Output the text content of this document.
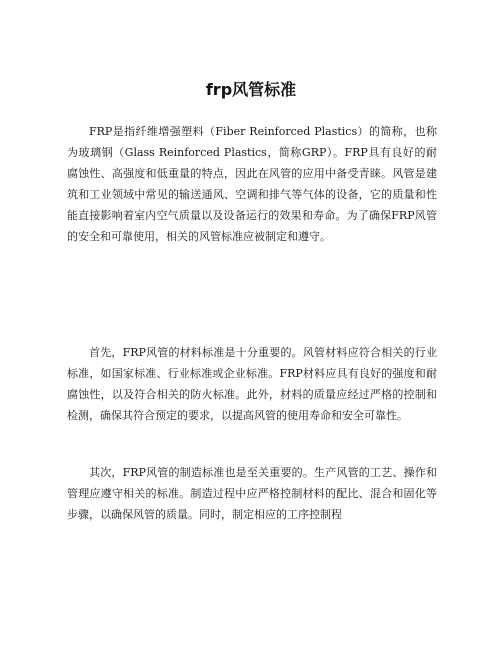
frp风管标准

FRP是指纤维增强塑料（Fiber Reinforced Plastics）的简称，也称为玻璃钢（Glass Reinforced Plastics，简称GRP）。FRP具有良好的耐腐蚀性、高强度和低重量的特点，因此在风管的应用中备受青睐。风管是建筑和工业领域中常见的输送通风、空调和排气等气体的设备，它的质量和性能直接影响着室内空气质量以及设备运行的效果和寿命。为了确保FRP风管的安全和可靠使用，相关的风管标准应被制定和遵守。

首先，FRP风管的材料标准是十分重要的。风管材料应符合相关的行业标准，如国家标准、行业标准或企业标准。FRP材料应具有良好的强度和耐腐蚀性，以及符合相关的防火标准。此外，材料的质量应经过严格的控制和检测，确保其符合预定的要求，以提高风管的使用寿命和安全可靠性。

其次，FRP风管的制造标准也是至关重要的。生产风管的工艺、操作和管理应遵守相关的标准。制造过程中应严格控制材料的配比、混合和固化等步骤，以确保风管的质量。同时，制定相应的工序控制程
